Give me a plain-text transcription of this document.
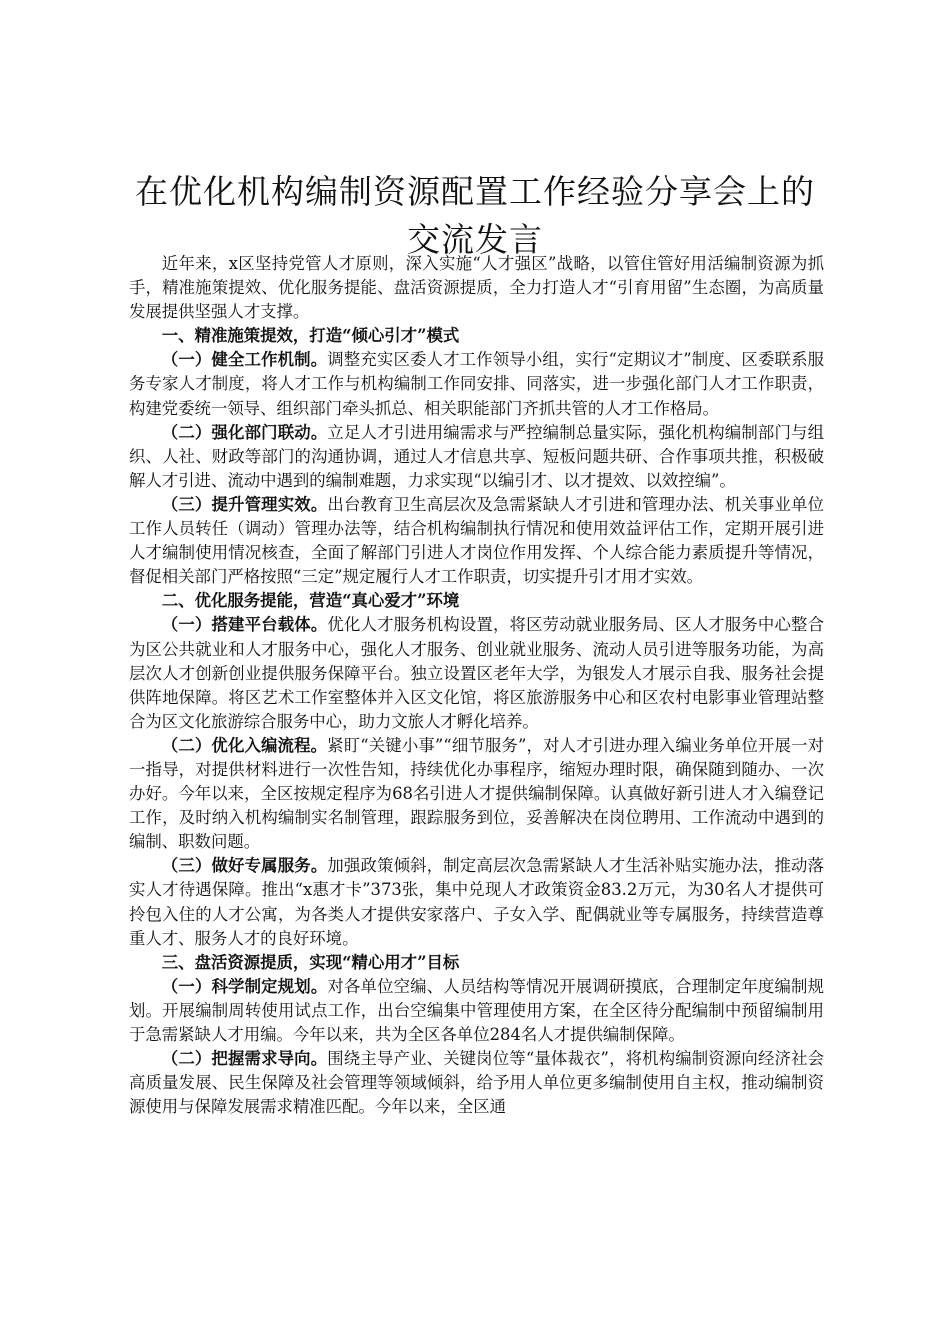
在优化机构编制资源配置工作经验分享会上的
交流发言

近年来，x区坚持党管人才原则，深入实施“人才强区”战略，以管住管好用活编制资源为抓手，精准施策提效、优化服务提能、盘活资源提质，全力打造人才“引育用留”生态圈，为高质量发展提供坚强人才支撑。

一、精准施策提效，打造“倾心引才”模式

（一）健全工作机制。调整充实区委人才工作领导小组，实行“定期议才”制度、区委联系服务专家人才制度，将人才工作与机构编制工作同安排、同落实，进一步强化部门人才工作职责，构建党委统一领导、组织部门牵头抓总、相关职能部门齐抓共管的人才工作格局。

（二）强化部门联动。立足人才引进用编需求与严控编制总量实际，强化机构编制部门与组织、人社、财政等部门的沟通协调，通过人才信息共享、短板问题共研、合作事项共推，积极破解人才引进、流动中遇到的编制难题，力求实现“以编引才、以才提效、以效控编”。

（三）提升管理实效。出台教育卫生高层次及急需紧缺人才引进和管理办法、机关事业单位工作人员转任（调动）管理办法等，结合机构编制执行情况和使用效益评估工作，定期开展引进人才编制使用情况核查，全面了解部门引进人才岗位作用发挥、个人综合能力素质提升等情况，督促相关部门严格按照“三定”规定履行人才工作职责，切实提升引才用才实效。

二、优化服务提能，营造“真心爱才”环境

（一）搭建平台载体。优化人才服务机构设置，将区劳动就业服务局、区人才服务中心整合为区公共就业和人才服务中心，强化人才服务、创业就业服务、流动人员引进等服务功能，为高层次人才创新创业提供服务保障平台。独立设置区老年大学，为银发人才展示自我、服务社会提供阵地保障。将区艺术工作室整体并入区文化馆，将区旅游服务中心和区农村电影事业管理站整合为区文化旅游综合服务中心，助力文旅人才孵化培养。

（二）优化入编流程。紧盯“关键小事”“细节服务”，对人才引进办理入编业务单位开展一对一指导，对提供材料进行一次性告知，持续优化办事程序，缩短办理时限，确保随到随办、一次办好。今年以来，全区按规定程序为68名引进人才提供编制保障。认真做好新引进人才入编登记工作，及时纳入机构编制实名制管理，跟踪服务到位，妥善解决在岗位聘用、工作流动中遇到的编制、职数问题。

（三）做好专属服务。加强政策倾斜，制定高层次急需紧缺人才生活补贴实施办法，推动落实人才待遇保障。推出“x惠才卡”373张，集中兑现人才政策资金83.2万元，为30名人才提供可拎包入住的人才公寓，为各类人才提供安家落户、子女入学、配偶就业等专属服务，持续营造尊重人才、服务人才的良好环境。

三、盘活资源提质，实现“精心用才”目标

（一）科学制定规划。对各单位空编、人员结构等情况开展调研摸底，合理制定年度编制规划。开展编制周转使用试点工作，出台空编集中管理使用方案，在全区待分配编制中预留编制用于急需紧缺人才用编。今年以来，共为全区各单位284名人才提供编制保障。

（二）把握需求导向。围绕主导产业、关键岗位等“量体裁衣”，将机构编制资源向经济社会高质量发展、民生保障及社会管理等领域倾斜，给予用人单位更多编制使用自主权，推动编制资源使用与保障发展需求精准匹配。今年以来，全区通
